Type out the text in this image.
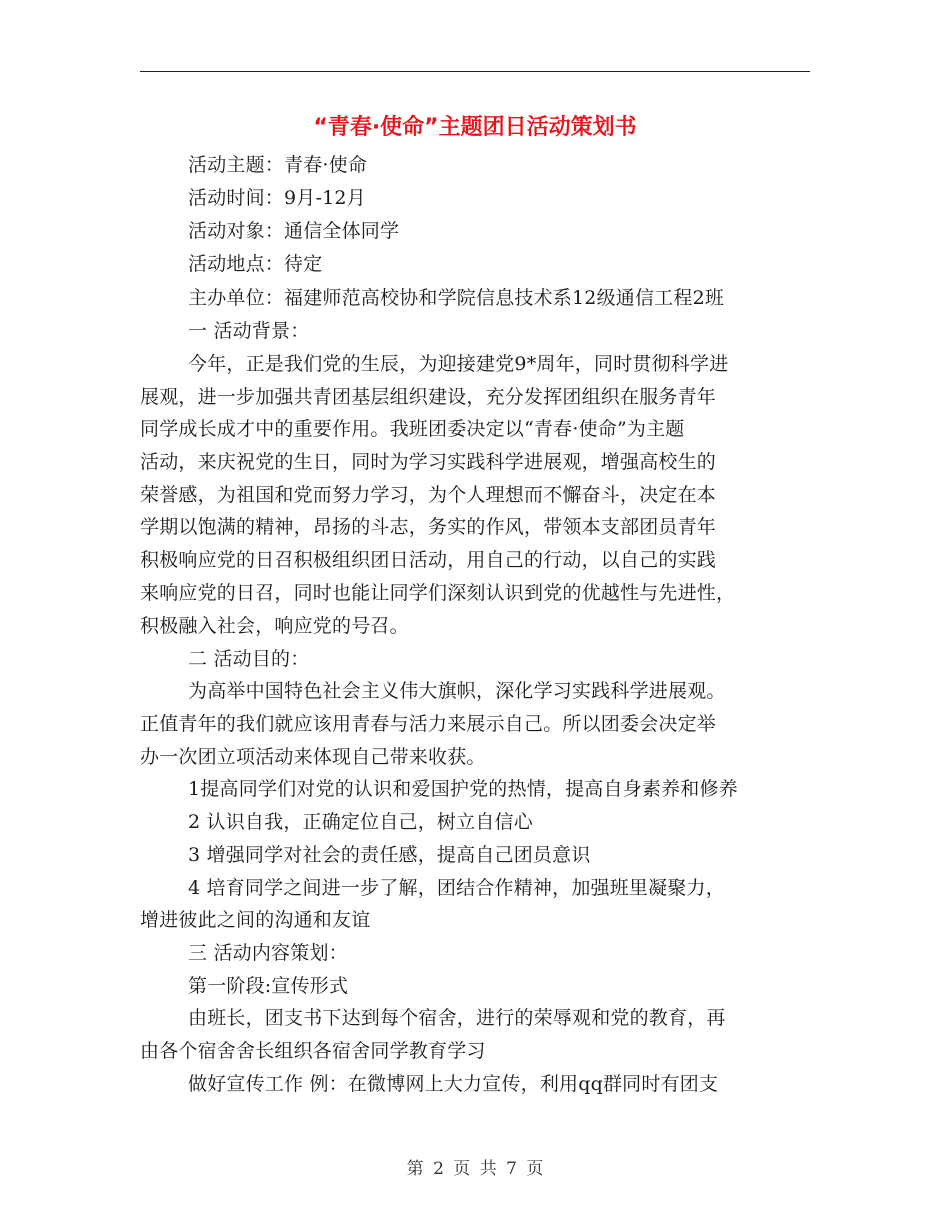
“青春·使命”主题团日活动策划书
活动主题：青春·使命
活动时间：9月-12月
活动对象：通信全体同学
活动地点：待定
主办单位：福建师范高校协和学院信息技术系12级通信工程2班
一 活动背景：
今年，正是我们党的生辰，为迎接建党9*周年，同时贯彻科学进
展观，进一步加强共青团基层组织建设，充分发挥团组织在服务青年
同学成长成才中的重要作用。我班团委决定以“青春·使命”为主题
活动，来庆祝党的生日，同时为学习实践科学进展观，增强高校生的
荣誉感，为祖国和党而努力学习，为个人理想而不懈奋斗，决定在本
学期以饱满的精神，昂扬的斗志，务实的作风，带领本支部团员青年
积极响应党的日召积极组织团日活动，用自己的行动，以自己的实践
来响应党的日召，同时也能让同学们深刻认识到党的优越性与先进性，
积极融入社会，响应党的号召。
二 活动目的：
为高举中国特色社会主义伟大旗帜，深化学习实践科学进展观。
正值青年的我们就应该用青春与活力来展示自己。所以团委会决定举
办一次团立项活动来体现自己带来收获。
1提高同学们对党的认识和爱国护党的热情，提高自身素养和修养
2 认识自我，正确定位自己，树立自信心
3 增强同学对社会的责任感，提高自己团员意识
4 培育同学之间进一步了解，团结合作精神，加强班里凝聚力，
增进彼此之间的沟通和友谊
三 活动内容策划：
第一阶段:宣传形式
由班长，团支书下达到每个宿舍，进行的荣辱观和党的教育，再
由各个宿舍舍长组织各宿舍同学教育学习
做好宣传工作 例：在微博网上大力宣传，利用qq群同时有团支
第 2 页 共 7 页
